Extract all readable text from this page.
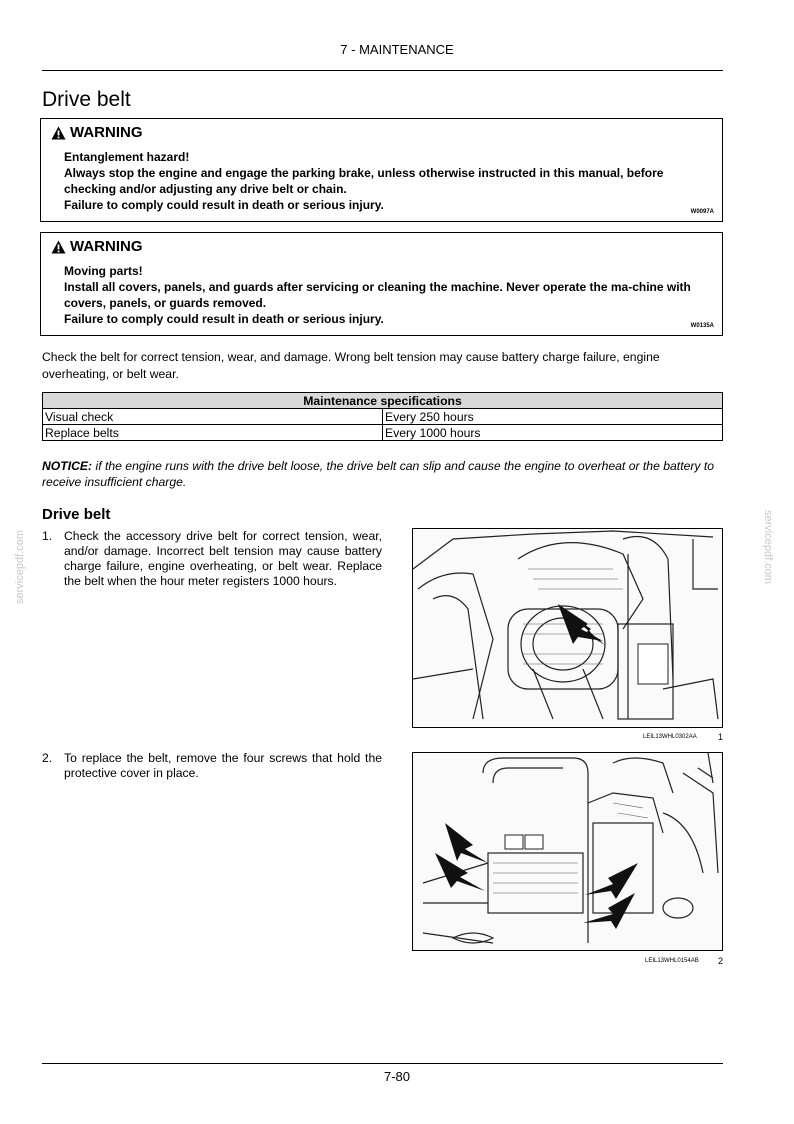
7 - MAINTENANCE
Drive belt
WARNING
Entanglement hazard!
Always stop the engine and engage the parking brake, unless otherwise instructed in this manual, before checking and/or adjusting any drive belt or chain.
Failure to comply could result in death or serious injury.	W0097A
WARNING
Moving parts!
Install all covers, panels, and guards after servicing or cleaning the machine. Never operate the ma-chine with covers, panels, or guards removed.
Failure to comply could result in death or serious injury.	W0135A
Check the belt for correct tension, wear, and damage. Wrong belt tension may cause battery charge failure, engine overheating, or belt wear.
Maintenance specifications	
Visual check	Every 250 hours
Replace belts	Every 1000 hours
NOTICE: if the engine runs with the drive belt loose, the drive belt can slip and cause the engine to overheat or the battery to receive insufficient charge.
Drive belt
1. Check the accessory drive belt for correct tension, wear, and/or damage. Incorrect belt tension may cause battery charge failure, engine overheating, or belt wear. Replace the belt when the hour meter registers 1000 hours.
2. To replace the belt, remove the four screws that hold the protective cover in place.
LEIL13WHL0302AA 1
LEIL13WHL0154AB 2
servicepdf.com	servicepdf.com
7-80
